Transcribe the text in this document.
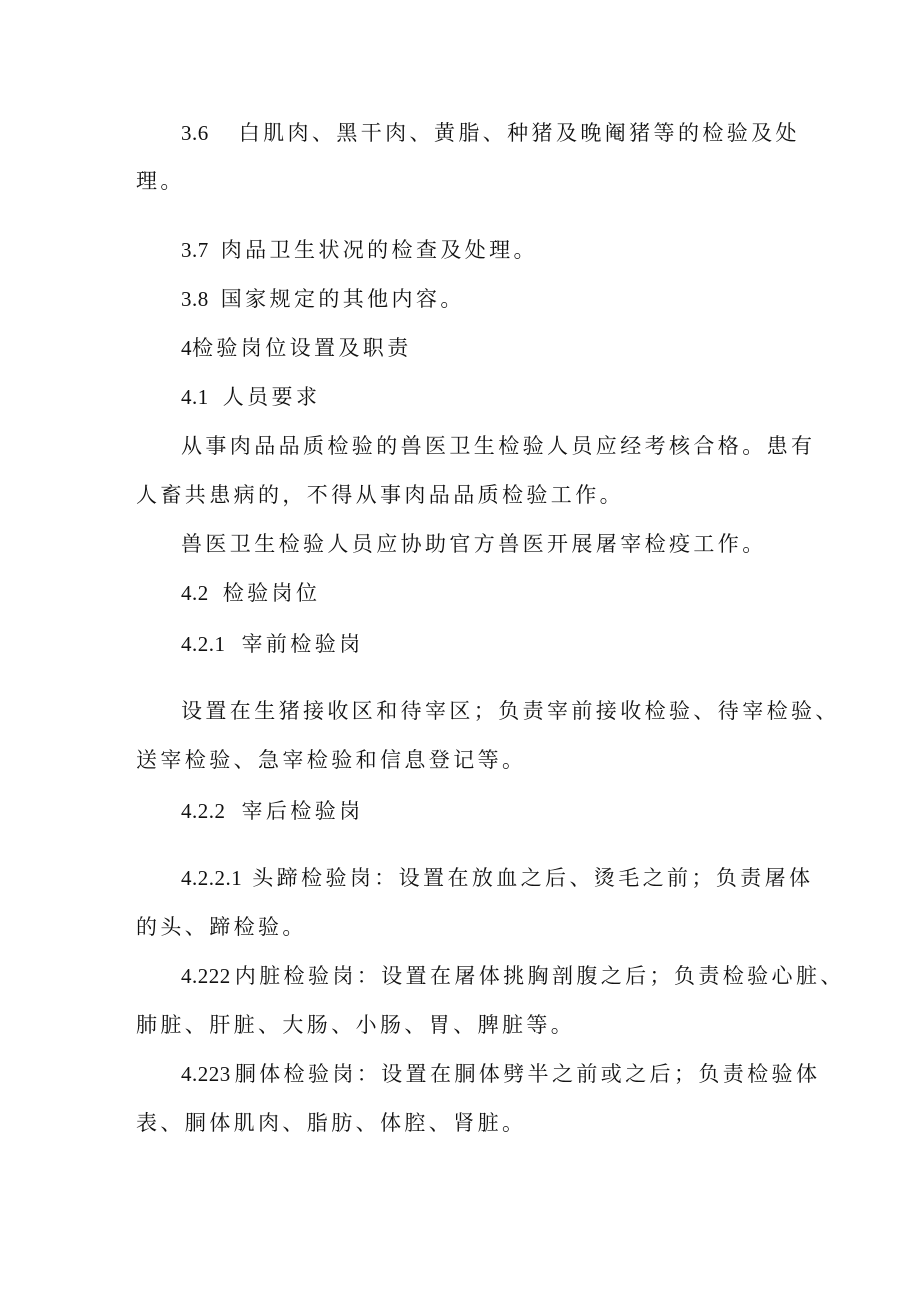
3.6 白肌肉、黑干肉、黄脂、种猪及晚阉猪等的检验及处
理。
3.7 肉品卫生状况的检查及处理。
3.8 国家规定的其他内容。
4检验岗位设置及职责
4.1 人员要求
从事肉品品质检验的兽医卫生检验人员应经考核合格。患有
人畜共患病的，不得从事肉品品质检验工作。
兽医卫生检验人员应协助官方兽医开展屠宰检疫工作。
4.2 检验岗位
4.2.1 宰前检验岗
设置在生猪接收区和待宰区；负责宰前接收检验、待宰检验、
送宰检验、急宰检验和信息登记等。
4.2.2 宰后检验岗
4.2.2.1 头蹄检验岗：设置在放血之后、烫毛之前；负责屠体
的头、蹄检验。
4.222 内脏检验岗：设置在屠体挑胸剖腹之后；负责检验心脏、
肺脏、肝脏、大肠、小肠、胃、脾脏等。
4.223 胴体检验岗：设置在胴体劈半之前或之后；负责检验体
表、胴体肌肉、脂肪、体腔、肾脏。
